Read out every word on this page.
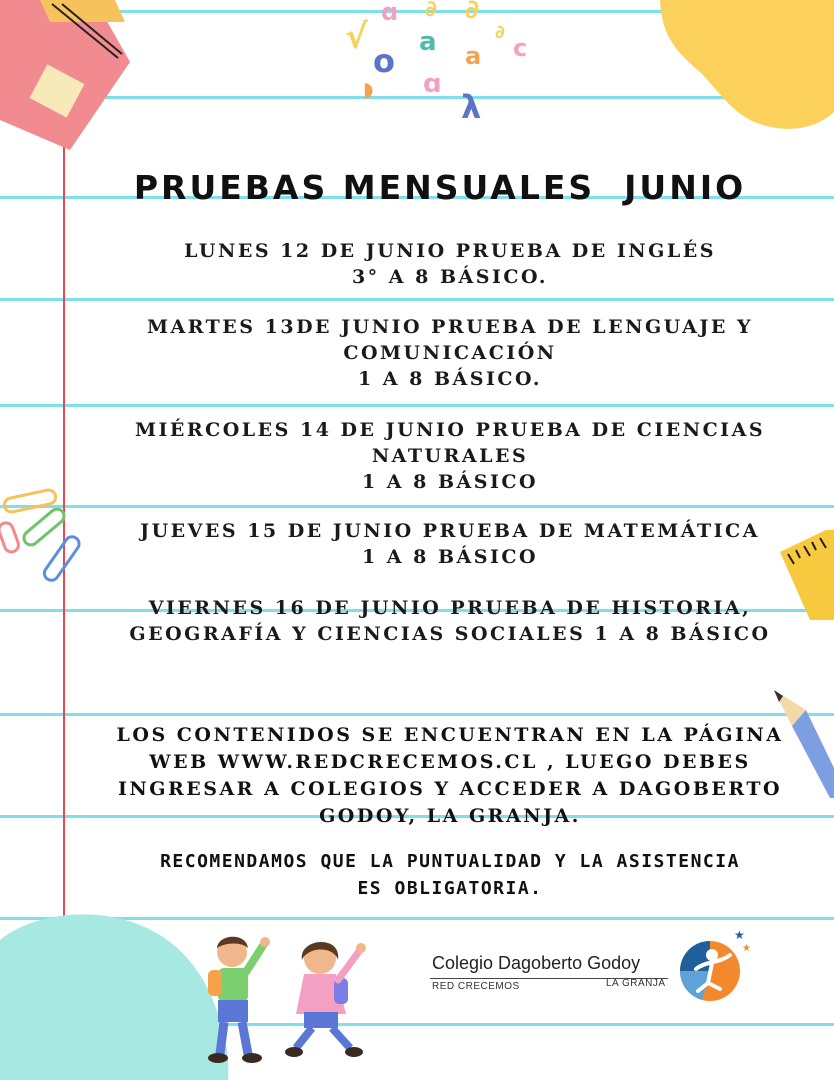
√
ɑ ∂ ∂
o a a c
ɑ
λ
◗
∂
PRUEBAS MENSUALES  JUNIO
LUNES 12 DE JUNIO PRUEBA DE INGLÉS
3° A 8 BÁSICO.
MARTES 13DE JUNIO PRUEBA DE LENGUAJE Y
COMUNICACIÓN
1 A 8 BÁSICO.
MIÉRCOLES 14 DE JUNIO PRUEBA DE CIENCIAS
NATURALES
1 A 8 BÁSICO
JUEVES 15 DE JUNIO PRUEBA DE MATEMÁTICA
1 A 8 BÁSICO
VIERNES 16 DE JUNIO PRUEBA DE HISTORIA,
GEOGRAFÍA Y CIENCIAS SOCIALES 1 A 8 BÁSICO
LOS CONTENIDOS SE ENCUENTRAN EN LA PÁGINA
WEB WWW.REDCRECEMOS.CL , LUEGO DEBES
INGRESAR A COLEGIOS Y ACCEDER A DAGOBERTO
GODOY, LA GRANJA.
RECOMENDAMOS QUE LA PUNTUALIDAD Y LA ASISTENCIA
ES OBLIGATORIA.
Colegio Dagoberto Godoy
RED CRECEMOS	LA GRANJA
★
★
